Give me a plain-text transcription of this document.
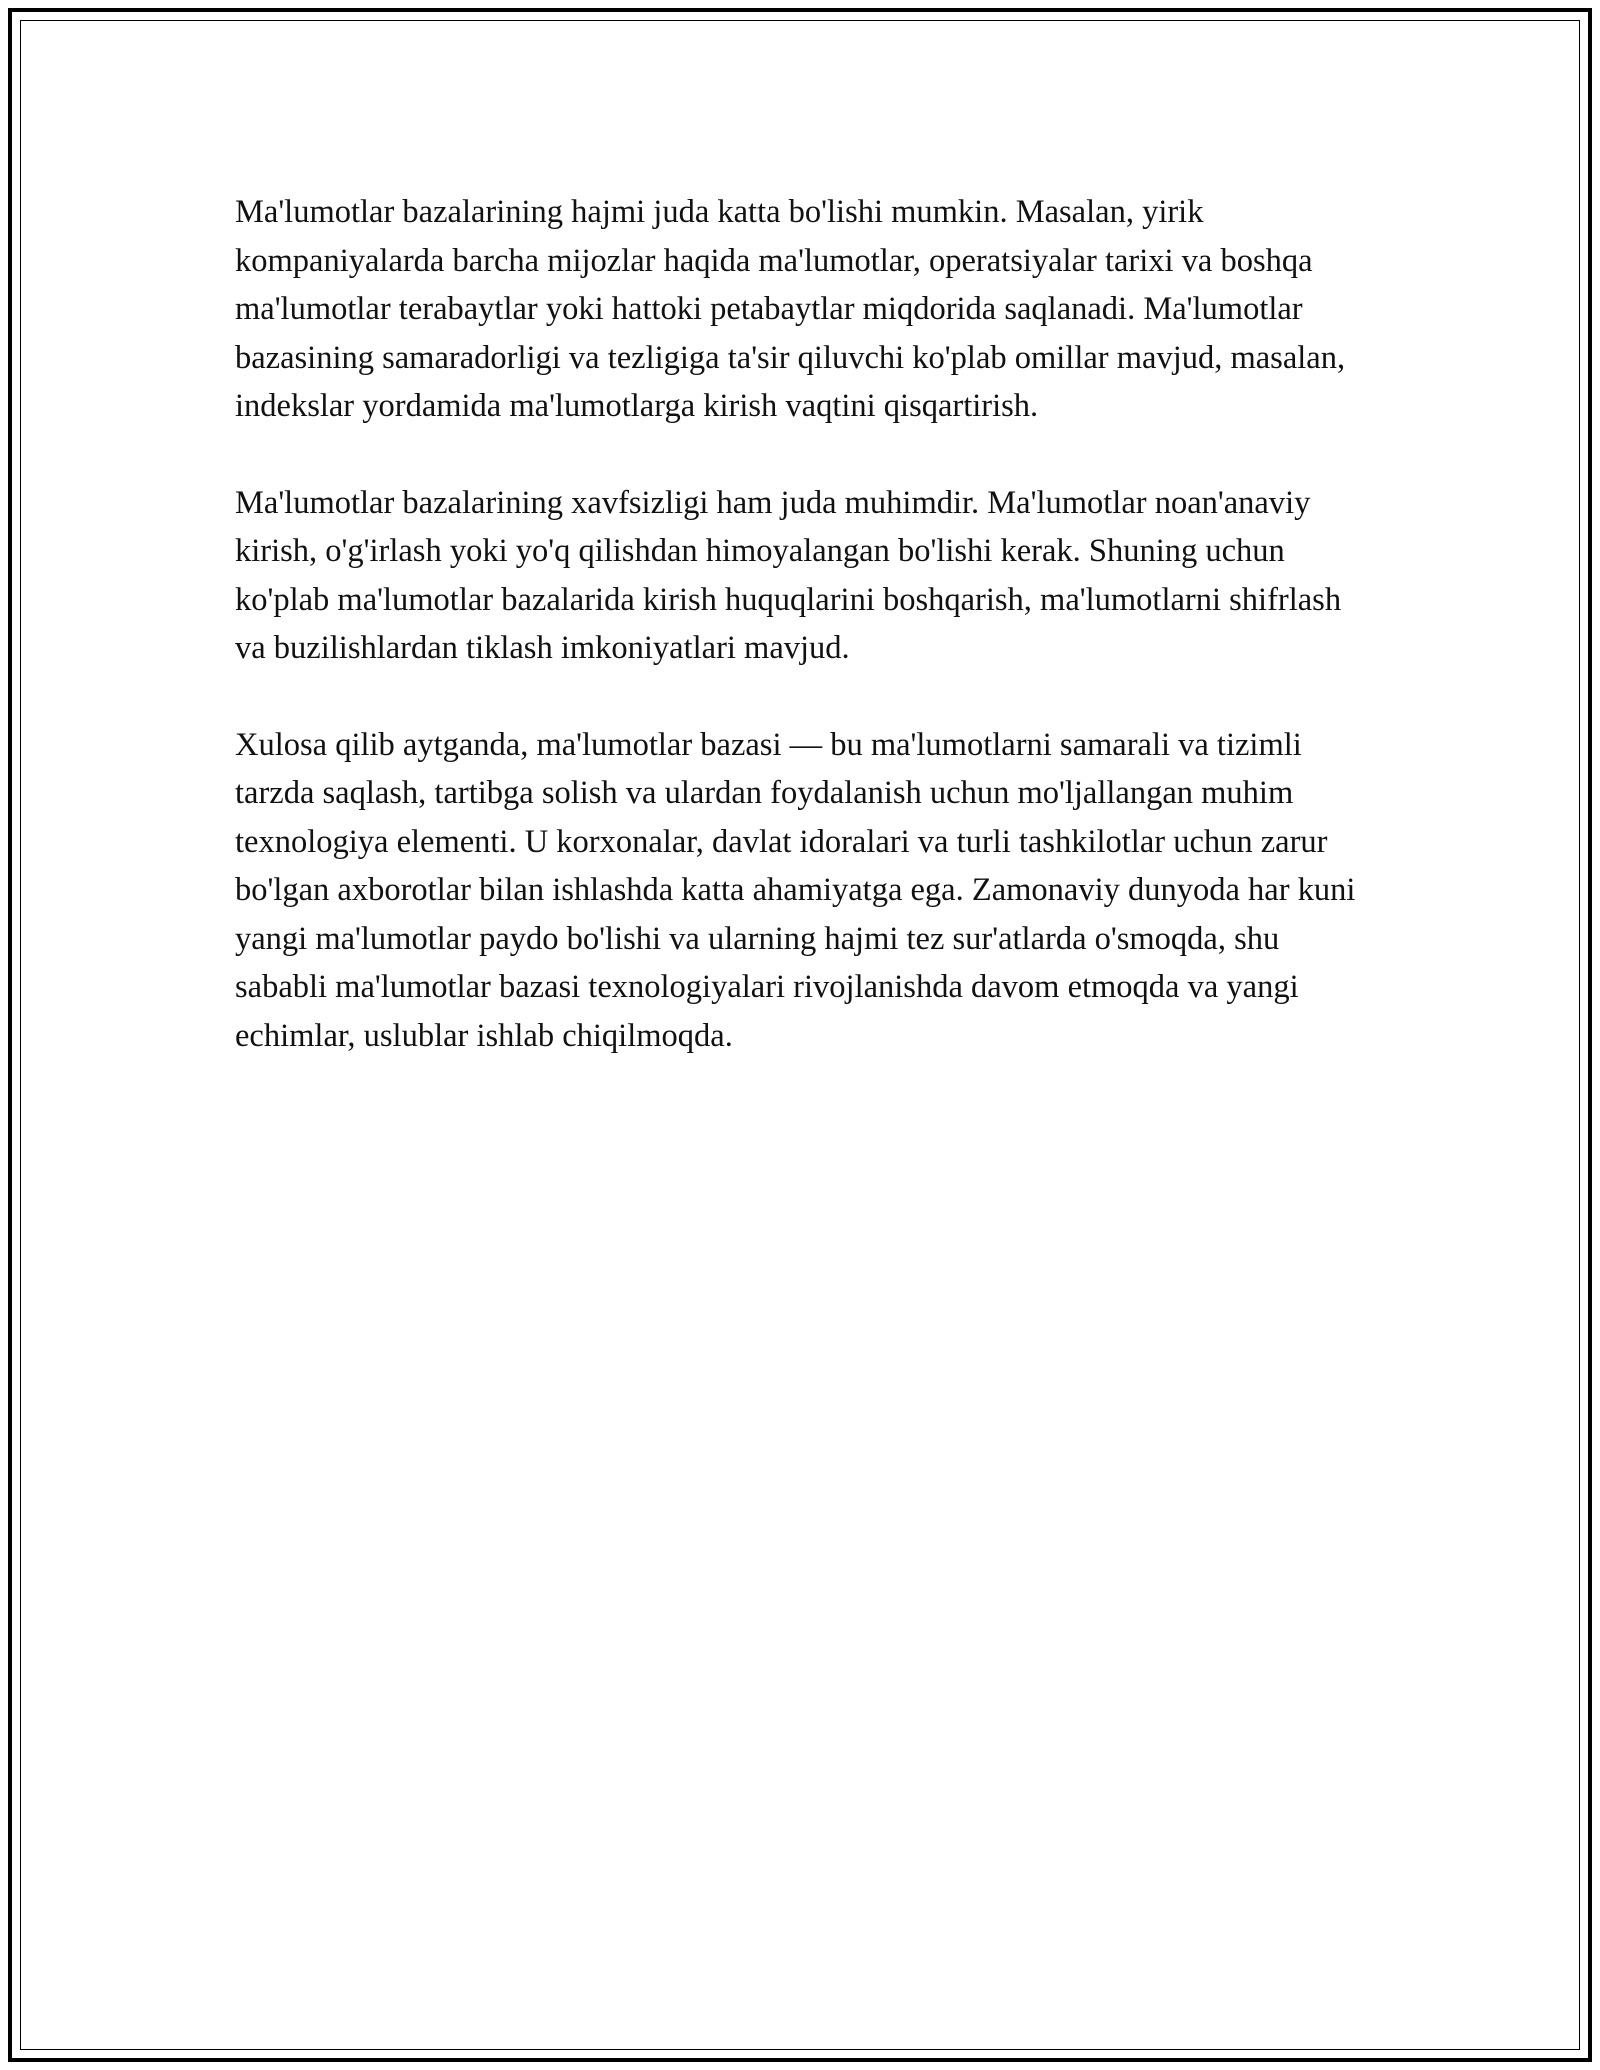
Ma'lumotlar bazalarining hajmi juda katta bo'lishi mumkin. Masalan, yirik kompaniyalarda barcha mijozlar haqida ma'lumotlar, operatsiyalar tarixi va boshqa ma'lumotlar terabaytlar yoki hattoki petabaytlar miqdorida saqlanadi. Ma'lumotlar bazasining samaradorligi va tezligiga ta'sir qiluvchi ko'plab omillar mavjud, masalan, indekslar yordamida ma'lumotlarga kirish vaqtini qisqartirish.

Ma'lumotlar bazalarining xavfsizligi ham juda muhimdir. Ma'lumotlar noan'anaviy kirish, o'g'irlash yoki yo'q qilishdan himoyalangan bo'lishi kerak. Shuning uchun ko'plab ma'lumotlar bazalarida kirish huquqlarini boshqarish, ma'lumotlarni shifrlash va buzilishlardan tiklash imkoniyatlari mavjud.

Xulosa qilib aytganda, ma'lumotlar bazasi — bu ma'lumotlarni samarali va tizimli tarzda saqlash, tartibga solish va ulardan foydalanish uchun mo'ljallangan muhim texnologiya elementi. U korxonalar, davlat idoralari va turli tashkilotlar uchun zarur bo'lgan axborotlar bilan ishlashda katta ahamiyatga ega. Zamonaviy dunyoda har kuni yangi ma'lumotlar paydo bo'lishi va ularning hajmi tez sur'atlarda o'smoqda, shu sababli ma'lumotlar bazasi texnologiyalari rivojlanishda davom etmoqda va yangi echimlar, uslublar ishlab chiqilmoqda.
